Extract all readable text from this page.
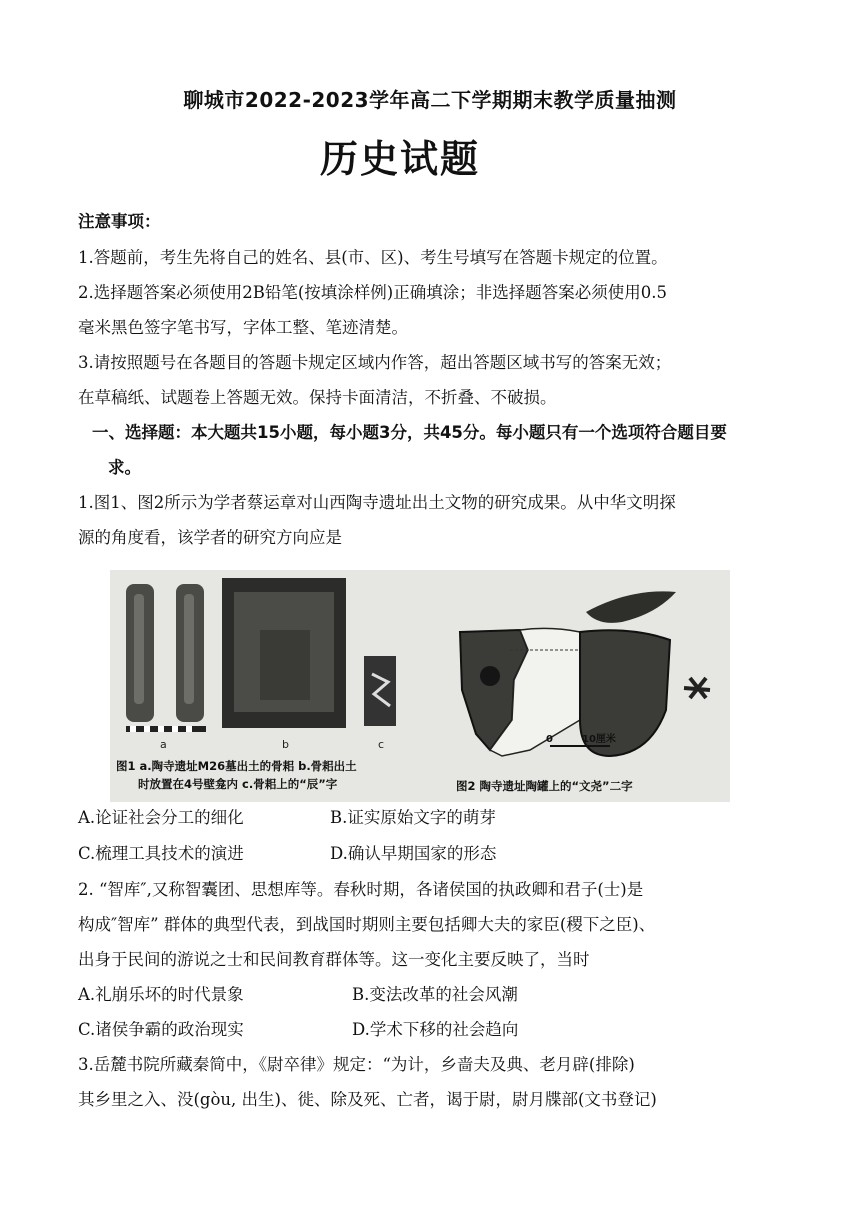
聊城市2022-2023学年高二下学期期末教学质量抽测
历史试题
注意事项：
1.答题前，考生先将自己的姓名、县(市、区)、考生号填写在答题卡规定的位置。
2.选择题答案必须使用2B铅笔(按填涂样例)正确填涂；非选择题答案必须使用0.5
毫米黑色签字笔书写，字体工整、笔迹清楚。
3.请按照题号在各题目的答题卡规定区域内作答，超出答题区域书写的答案无效；
在草稿纸、试题卷上答题无效。保持卡面清洁，不折叠、不破损。
一、选择题：本大题共15小题，每小题3分，共45分。每小题只有一个选项符合题目要
求。
1.图1、图2所示为学者蔡运章对山西陶寺遗址出土文物的研究成果。从中华文明探
源的角度看，该学者的研究方向应是
a	b	c
图1 a.陶寺遗址M26墓出土的骨耜 b.骨耜出土
时放置在4号壁龛内 c.骨耜上的“辰”字
0	10厘米
图2 陶寺遗址陶罐上的“文尧”二字
A.论证社会分工的细化	B.证实原始文字的萌芽
C.梳理工具技术的演进	D.确认早期国家的形态
2. “智库″,又称智囊团、思想库等。春秋时期，各诸侯国的执政卿和君子(士)是
构成″智库” 群体的典型代表，到战国时期则主要包括卿大夫的家臣(稷下之臣)、
出身于民间的游说之士和民间教育群体等。这一变化主要反映了，当时
A.礼崩乐坏的时代景象	B.变法改革的社会风潮
C.诸侯争霸的政治现实	D.学术下移的社会趋向
3.岳麓书院所藏秦简中，《尉卒律》规定：“为计，乡啬夫及典、老月辟(排除)
其乡里之入、没(gòu, 出生)、徙、除及死、亡者，谒于尉，尉月牒部(文书登记)
